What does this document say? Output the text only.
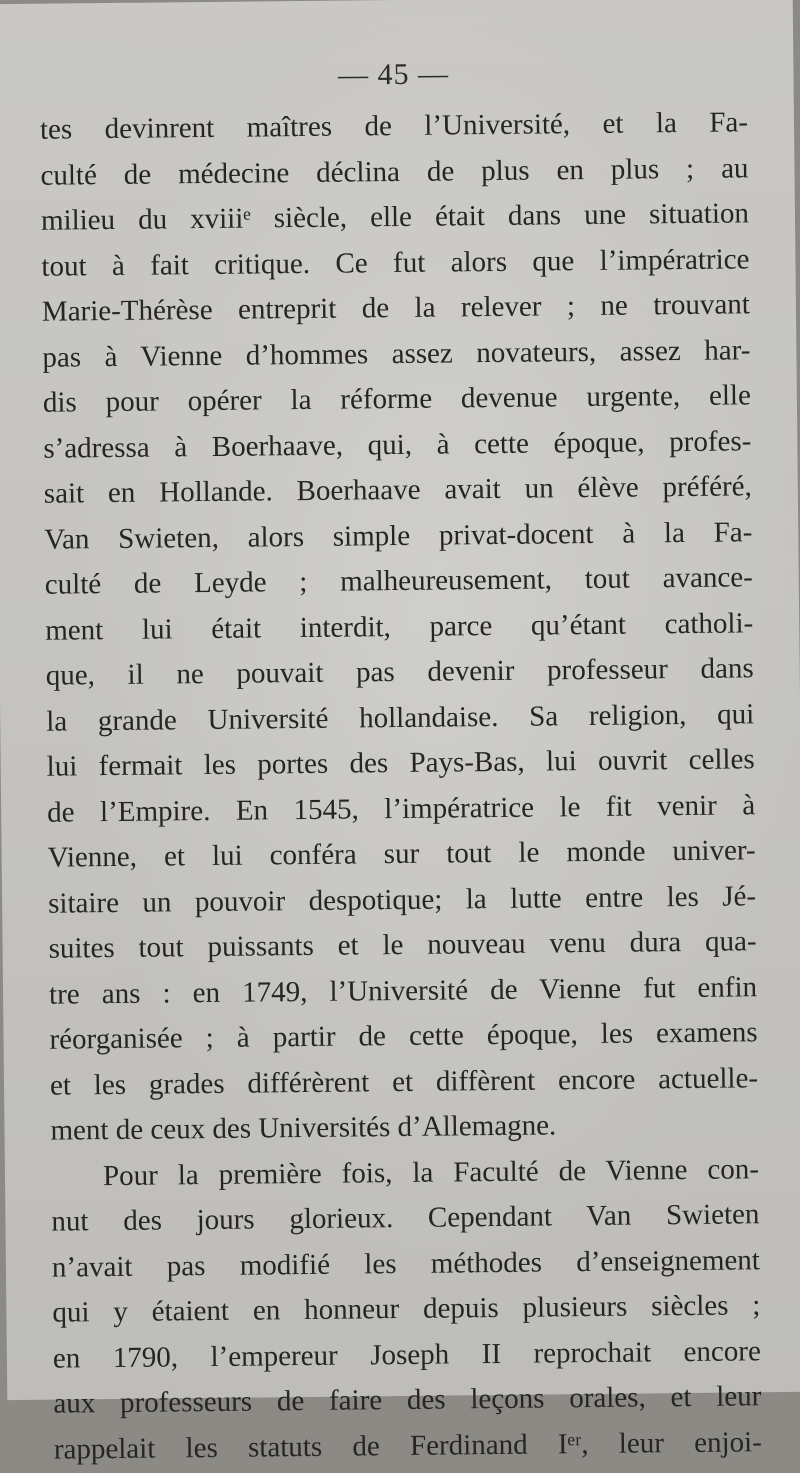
— 45 —
tes devinrent maîtres de l’Université, et la Fa-
culté de médecine déclina de plus en plus ; au
milieu du xviiiᵉ siècle, elle était dans une situation
tout à fait critique. Ce fut alors que l’impératrice
Marie-Thérèse entreprit de la relever ; ne trouvant
pas à Vienne d’hommes assez novateurs, assez har-
dis pour opérer la réforme devenue urgente, elle
s’adressa à Boerhaave, qui, à cette époque, profes-
sait en Hollande. Boerhaave avait un élève préféré,
Van Swieten, alors simple privat-docent à la Fa-
culté de Leyde ; malheureusement, tout avance-
ment lui était interdit, parce qu’étant catholi-
que, il ne pouvait pas devenir professeur dans
la grande Université hollandaise. Sa religion, qui
lui fermait les portes des Pays-Bas, lui ouvrit celles
de l’Empire. En 1545, l’impératrice le fit venir à
Vienne, et lui conféra sur tout le monde univer-
sitaire un pouvoir despotique; la lutte entre les Jé-
suites tout puissants et le nouveau venu dura qua-
tre ans : en 1749, l’Université de Vienne fut enfin
réorganisée ; à partir de cette époque, les examens
et les grades différèrent et diffèrent encore actuelle-
ment de ceux des Universités d’Allemagne.
Pour la première fois, la Faculté de Vienne con-
nut des jours glorieux. Cependant Van Swieten
n’avait pas modifié les méthodes d’enseignement
qui y étaient en honneur depuis plusieurs siècles ;
en 1790, l’empereur Joseph II reprochait encore
aux professeurs de faire des leçons orales, et leur
rappelait les statuts de Ferdinand Iᵉʳ, leur enjoi-
